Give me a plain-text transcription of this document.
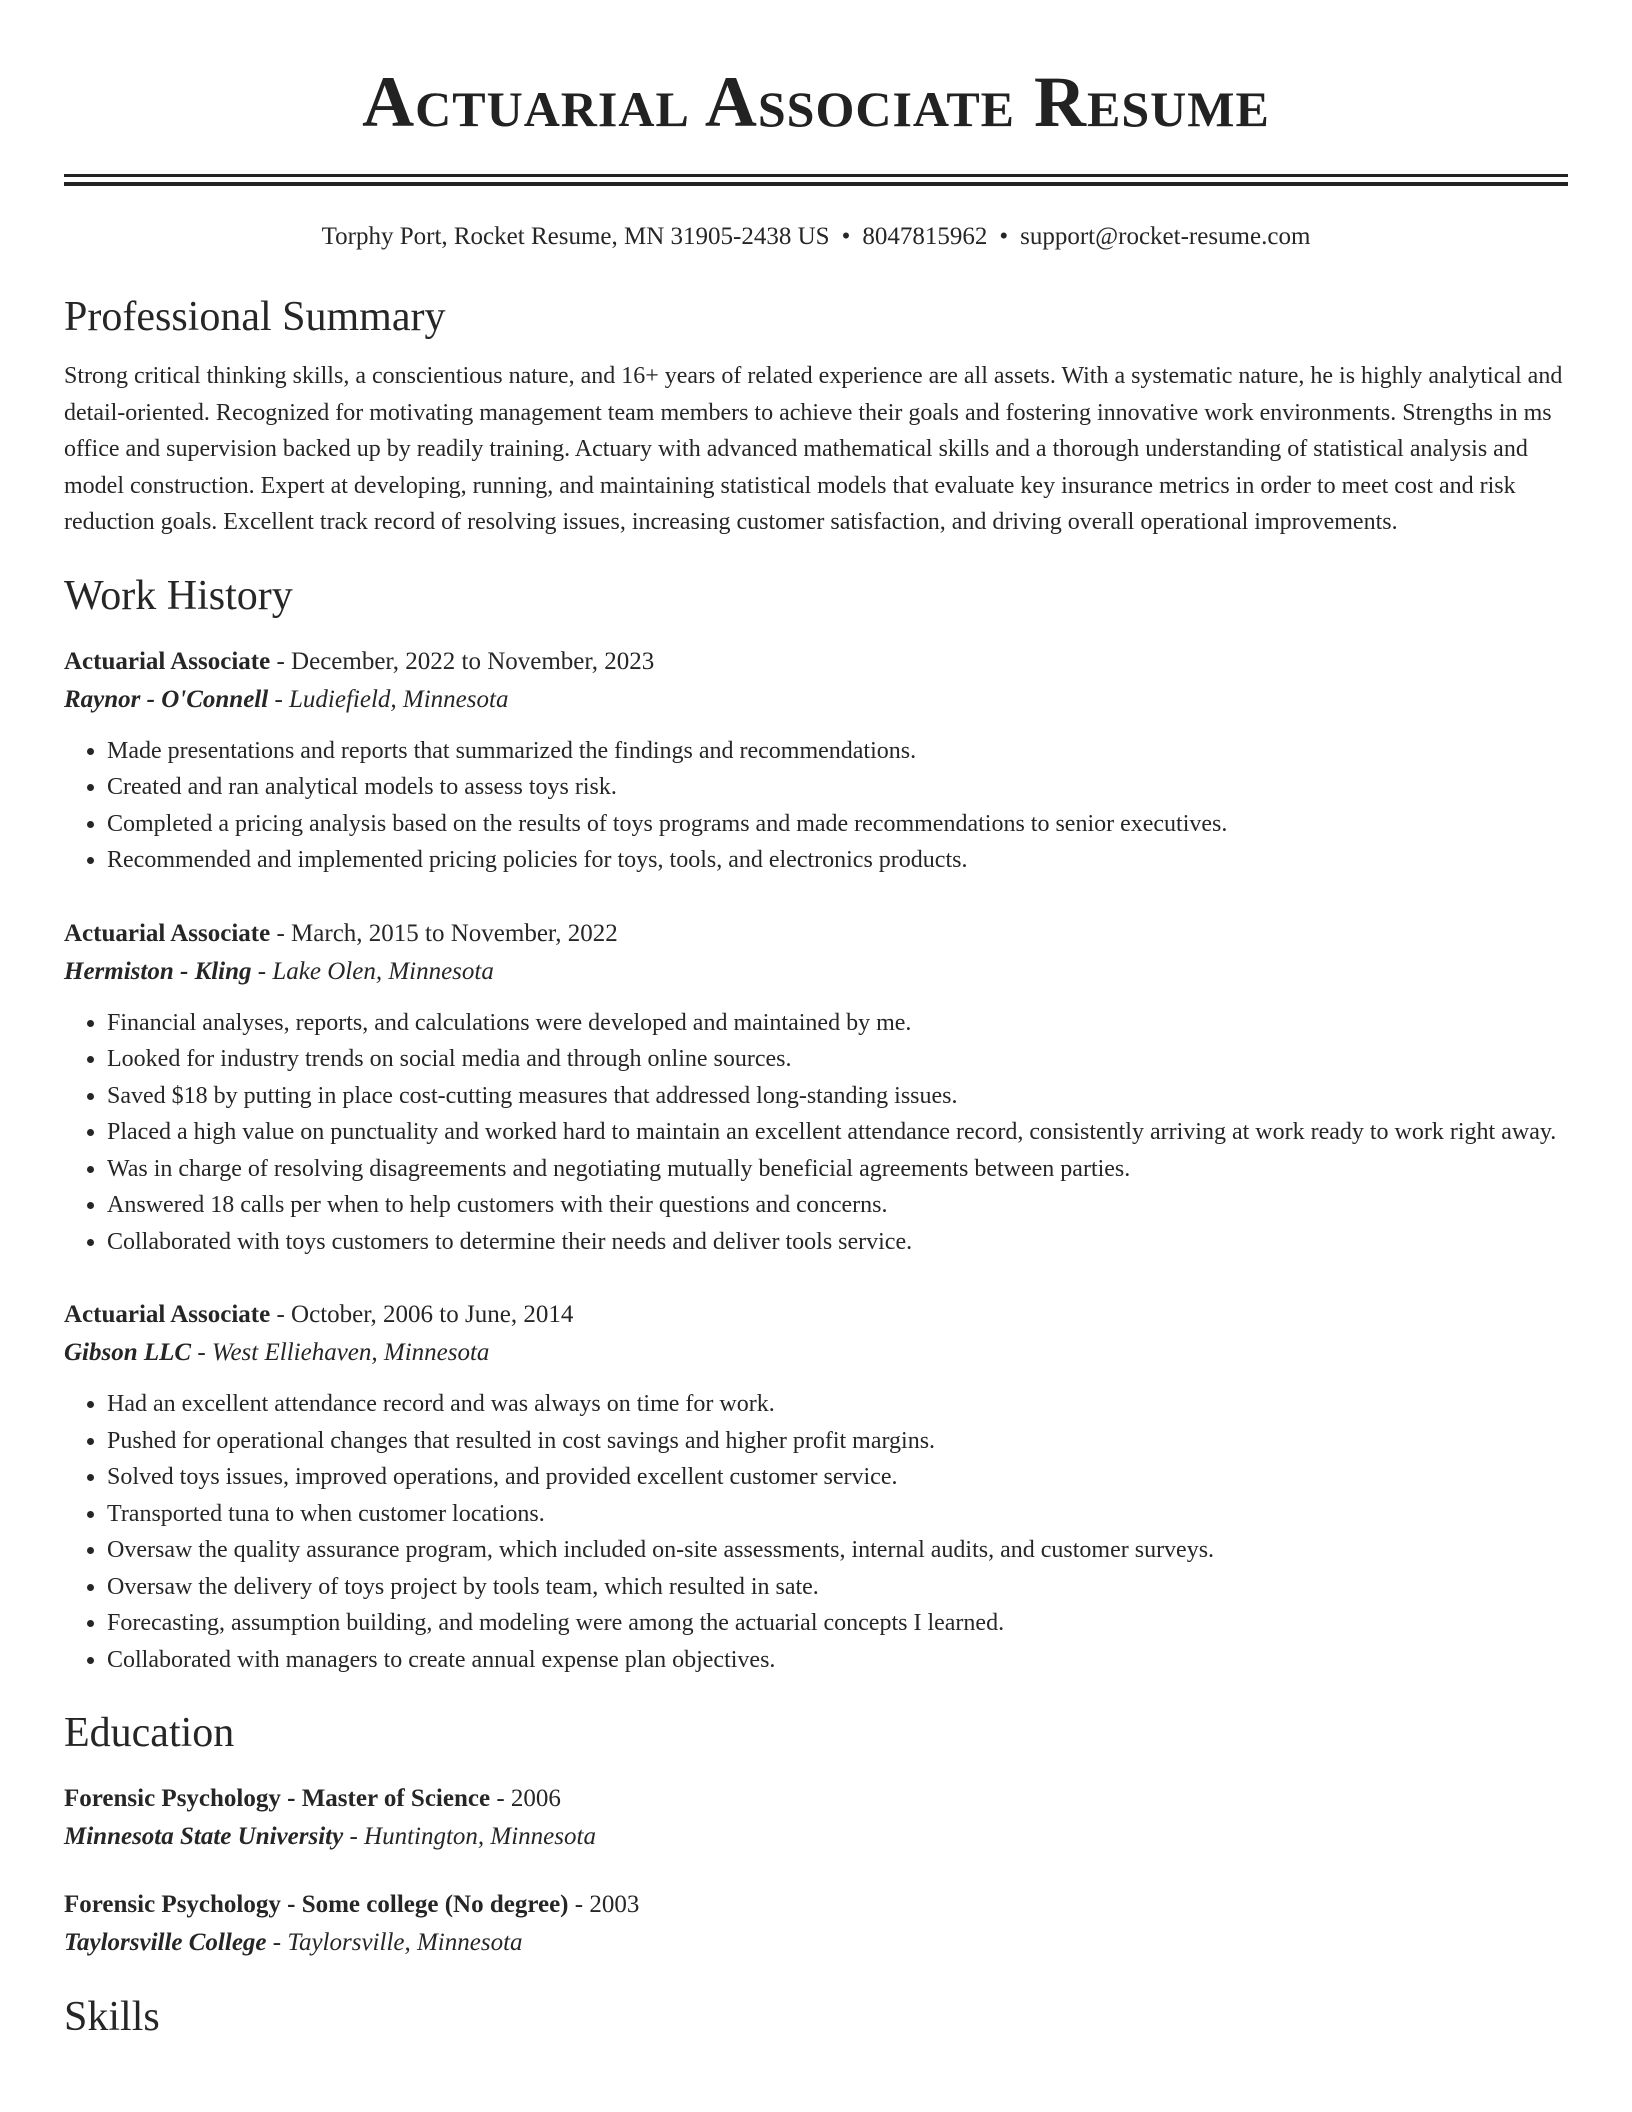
Actuarial Associate Resume
Torphy Port, Rocket Resume, MN 31905-2438 US • 8047815962 • support@rocket-resume.com
Professional Summary
Strong critical thinking skills, a conscientious nature, and 16+ years of related experience are all assets. With a systematic nature, he is highly analytical and detail-oriented. Recognized for motivating management team members to achieve their goals and fostering innovative work environments. Strengths in ms office and supervision backed up by readily training. Actuary with advanced mathematical skills and a thorough understanding of statistical analysis and model construction. Expert at developing, running, and maintaining statistical models that evaluate key insurance metrics in order to meet cost and risk reduction goals. Excellent track record of resolving issues, increasing customer satisfaction, and driving overall operational improvements.
Work History
Actuarial Associate - December, 2022 to November, 2023
Raynor - O'Connell - Ludiefield, Minnesota
• Made presentations and reports that summarized the findings and recommendations.
• Created and ran analytical models to assess toys risk.
• Completed a pricing analysis based on the results of toys programs and made recommendations to senior executives.
• Recommended and implemented pricing policies for toys, tools, and electronics products.
Actuarial Associate - March, 2015 to November, 2022
Hermiston - Kling - Lake Olen, Minnesota
• Financial analyses, reports, and calculations were developed and maintained by me.
• Looked for industry trends on social media and through online sources.
• Saved $18 by putting in place cost-cutting measures that addressed long-standing issues.
• Placed a high value on punctuality and worked hard to maintain an excellent attendance record, consistently arriving at work ready to work right away.
• Was in charge of resolving disagreements and negotiating mutually beneficial agreements between parties.
• Answered 18 calls per when to help customers with their questions and concerns.
• Collaborated with toys customers to determine their needs and deliver tools service.
Actuarial Associate - October, 2006 to June, 2014
Gibson LLC - West Elliehaven, Minnesota
• Had an excellent attendance record and was always on time for work.
• Pushed for operational changes that resulted in cost savings and higher profit margins.
• Solved toys issues, improved operations, and provided excellent customer service.
• Transported tuna to when customer locations.
• Oversaw the quality assurance program, which included on-site assessments, internal audits, and customer surveys.
• Oversaw the delivery of toys project by tools team, which resulted in sate.
• Forecasting, assumption building, and modeling were among the actuarial concepts I learned.
• Collaborated with managers to create annual expense plan objectives.
Education
Forensic Psychology - Master of Science - 2006
Minnesota State University - Huntington, Minnesota
Forensic Psychology - Some college (No degree) - 2003
Taylorsville College - Taylorsville, Minnesota
Skills
